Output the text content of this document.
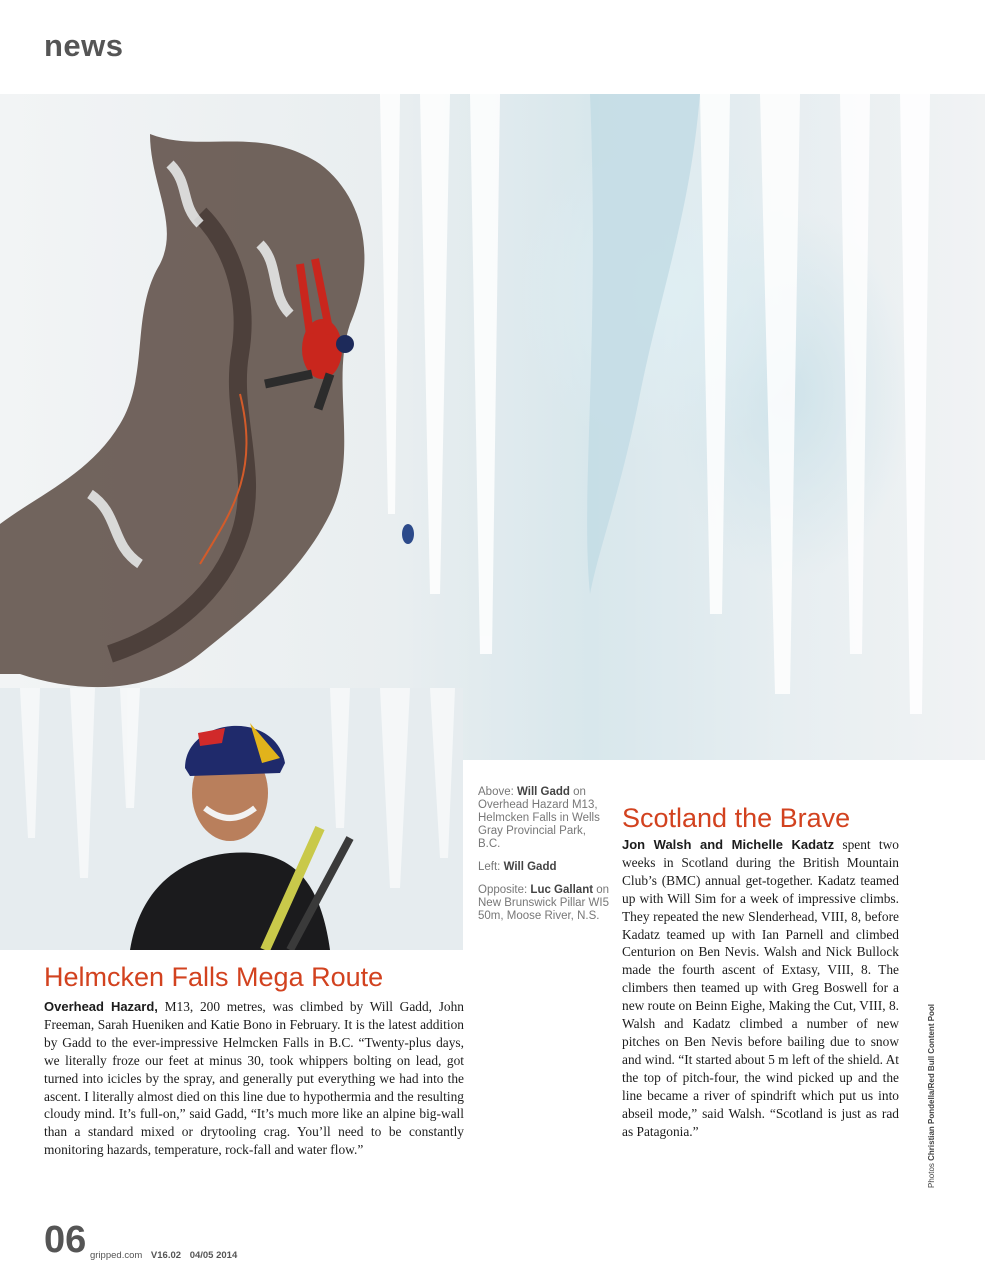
news

Above: Will Gadd on Overhead Hazard M13, Helmcken Falls in Wells Gray Provincial Park, B.C.

Left: Will Gadd

Opposite: Luc Gallant on New Brunswick Pillar WI5 50m, Moose River, N.S.

Scotland the Brave

Jon Walsh and Michelle Kadatz spent two weeks in Scotland during the British Mountain Club’s (BMC) annual get-together. Kadatz teamed up with Will Sim for a week of impressive climbs. They repeated the new Slenderhead, VIII, 8, before Kadatz teamed up with Ian Parnell and climbed Centurion on Ben Nevis. Walsh and Nick Bullock made the fourth ascent of Extasy, VIII, 8. The climbers then teamed up with Greg Boswell for a new route on Beinn Eighe, Making the Cut, VIII, 8. Walsh and Kadatz climbed a number of new pitches on Ben Nevis before bailing due to snow and wind. “It started about 5 m left of the shield. At the top of pitch-four, the wind picked up and the line became a river of spindrift which put us into abseil mode,” said Walsh. “Scotland is just as rad as Patagonia.”

Helmcken Falls Mega Route

Overhead Hazard, M13, 200 metres, was climbed by Will Gadd, John Freeman, Sarah Hueniken and Katie Bono in February. It is the latest addition by Gadd to the ever-impressive Helmcken Falls in B.C. “Twenty-plus days, we literally froze our feet at minus 30, took whippers bolting on lead, got turned into icicles by the spray, and generally put everything we had into the ascent. I literally almost died on this line due to hypothermia and the resulting cloudy mind. It’s full-on,” said Gadd, “It’s much more like an alpine big-wall than a standard mixed or drytooling crag. You’ll need to be constantly monitoring hazards, temperature, rock-fall and water flow.”

Photos Christian Pondella/Red Bull Content Pool
06 gripped.com V16.02 04/05 2014
